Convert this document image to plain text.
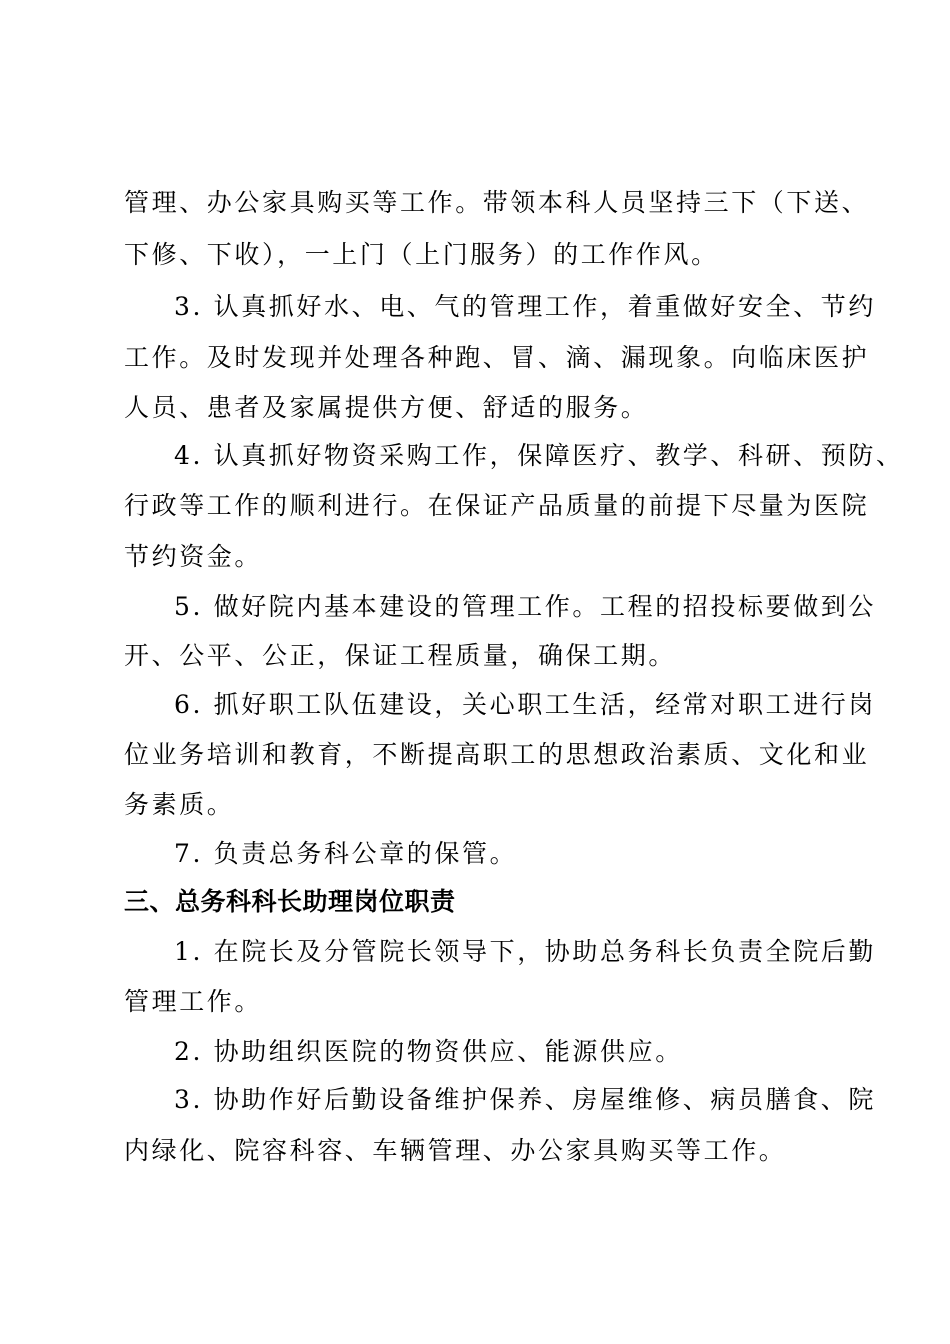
管理、办公家具购买等工作。带领本科人员坚持三下（下送、
下修、下收），一上门（上门服务）的工作作风。
3. 认真抓好水、电、气的管理工作，着重做好安全、节约
工作。及时发现并处理各种跑、冒、滴、漏现象。向临床医护
人员、患者及家属提供方便、舒适的服务。
4. 认真抓好物资采购工作，保障医疗、教学、科研、预防、
行政等工作的顺利进行。在保证产品质量的前提下尽量为医院
节约资金。
5. 做好院内基本建设的管理工作。工程的招投标要做到公
开、公平、公正，保证工程质量，确保工期。
6. 抓好职工队伍建设，关心职工生活，经常对职工进行岗
位业务培训和教育，不断提高职工的思想政治素质、文化和业
务素质。
7. 负责总务科公章的保管。
三、总务科科长助理岗位职责
1. 在院长及分管院长领导下，协助总务科长负责全院后勤
管理工作。
2. 协助组织医院的物资供应、能源供应。
3. 协助作好后勤设备维护保养、房屋维修、病员膳食、院
内绿化、院容科容、车辆管理、办公家具购买等工作。
